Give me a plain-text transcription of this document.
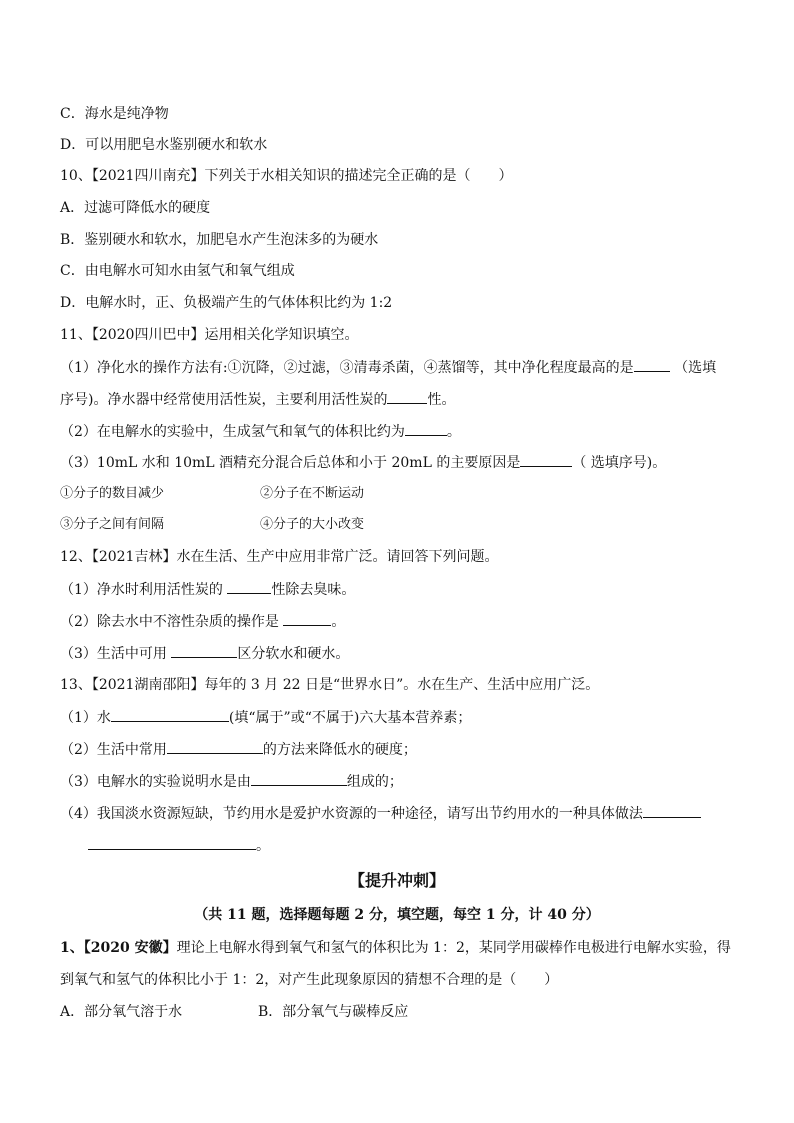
C．海水是纯净物
D．可以用肥皂水鉴别硬水和软水
10、【2021四川南充】下列关于水相关知识的描述完全正确的是（　　）
A．过滤可降低水的硬度
B．鉴别硬水和软水，加肥皂水产生泡沫多的为硬水
C．由电解水可知水由氢气和氧气组成
D．电解水时，正、负极端产生的气体体积比约为 1:2
11、【2020四川巴中】运用相关化学知识填空。
（1）净化水的操作方法有:①沉降，②过滤，③清毒杀菌，④蒸馏等，其中净化程度最高的是	（选填
序号)。净水器中经常使用活性炭，主要利用活性炭的	性。
（2）在电解水的实验中，生成氢气和氧气的体积比约为	。
（3）10mL 水和 10mL 酒精充分混合后总体和小于 20mL 的主要原因是	（ 选填序号)。
①分子的数目减少	②分子在不断运动
③分子之间有间隔	④分子的大小改变
12、【2021吉林】水在生活、生产中应用非常广泛。请回答下列问题。
（1）净水时利用活性炭的	性除去臭味。
（2）除去水中不溶性杂质的操作是	。
（3）生活中可用	区分软水和硬水。
13、【2021湖南邵阳】每年的 3 月 22 日是“世界水日”。水在生产、生活中应用广泛。
（1）水	(填“属于”或“不属于)六大基本营养素；
（2）生活中常用	的方法来降低水的硬度；
（3）电解水的实验说明水是由	组成的；
（4）我国淡水资源短缺，节约用水是爱护水资源的一种途径，请写出节约用水的一种具体做法
。
【提升冲刺】
（共 11 题，选择题每题 2 分，填空题，每空 1 分，计 40 分）
1、【2020 安徽】理论上电解水得到氧气和氢气的体积比为 1：2，某同学用碳棒作电极进行电解水实验，得
到氧气和氢气的体积比小于 1：2，对产生此现象原因的猜想不合理的是（　　）
A．部分氧气溶于水	B．部分氧气与碳棒反应
